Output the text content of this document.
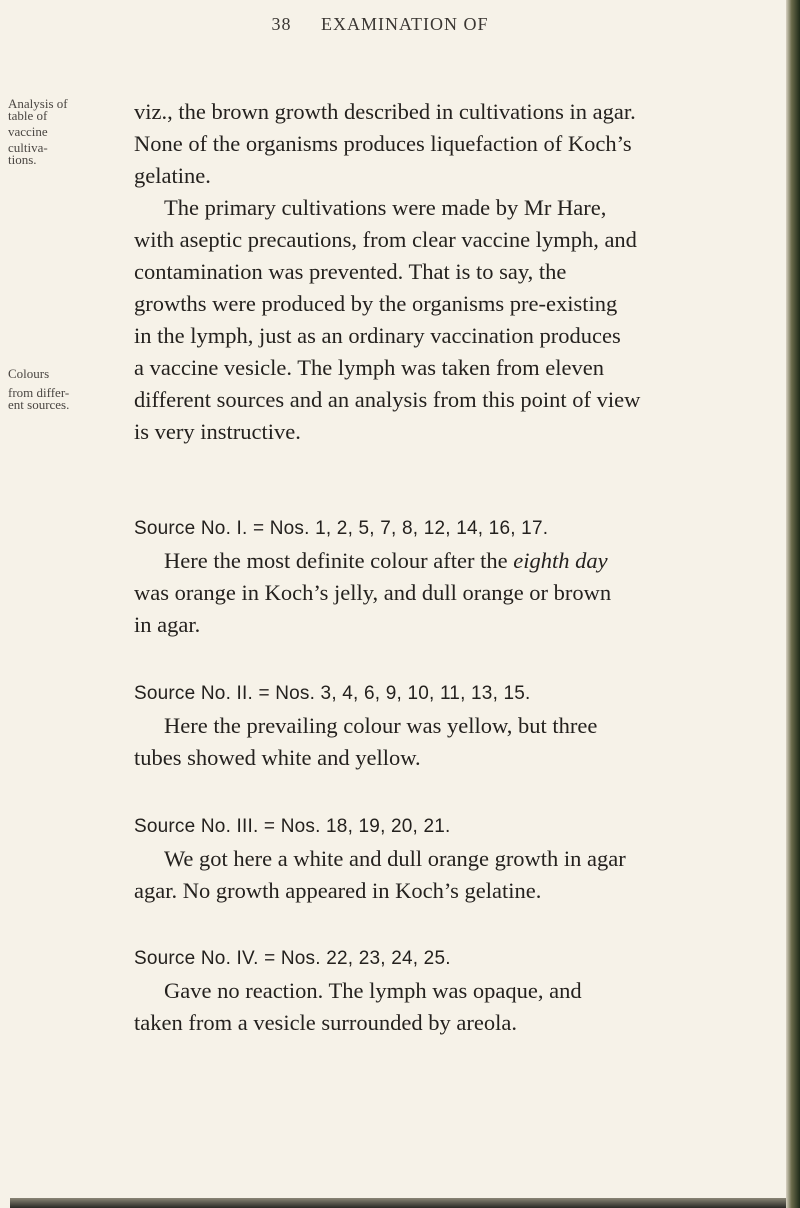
38 EXAMINATION OF
Analysis of
table of
vaccine
cultiva-
tions.
Colours
from differ-
ent sources.

viz., the brown growth described in cultivations in agar.

None of the organisms produces liquefaction of Koch’s

gelatine.

The primary cultivations were made by Mr Hare,

with aseptic precautions, from clear vaccine lymph, and

contamination was prevented. That is to say, the

growths were produced by the organisms pre-existing

in the lymph, just as an ordinary vaccination produces

a vaccine vesicle. The lymph was taken from eleven

different sources and an analysis from this point of view

is very instructive.

Source No. I. = Nos. 1, 2, 5, 7, 8, 12, 14, 16, 17.

Here the most definite colour after the eighth day

was orange in Koch’s jelly, and dull orange or brown

in agar.

Source No. II. = Nos. 3, 4, 6, 9, 10, 11, 13, 15.

Here the prevailing colour was yellow, but three

tubes showed white and yellow.

Source No. III. = Nos. 18, 19, 20, 21.

We got here a white and dull orange growth in agar

agar. No growth appeared in Koch’s gelatine.

Source No. IV. = Nos. 22, 23, 24, 25.

Gave no reaction. The lymph was opaque, and

taken from a vesicle surrounded by areola.
